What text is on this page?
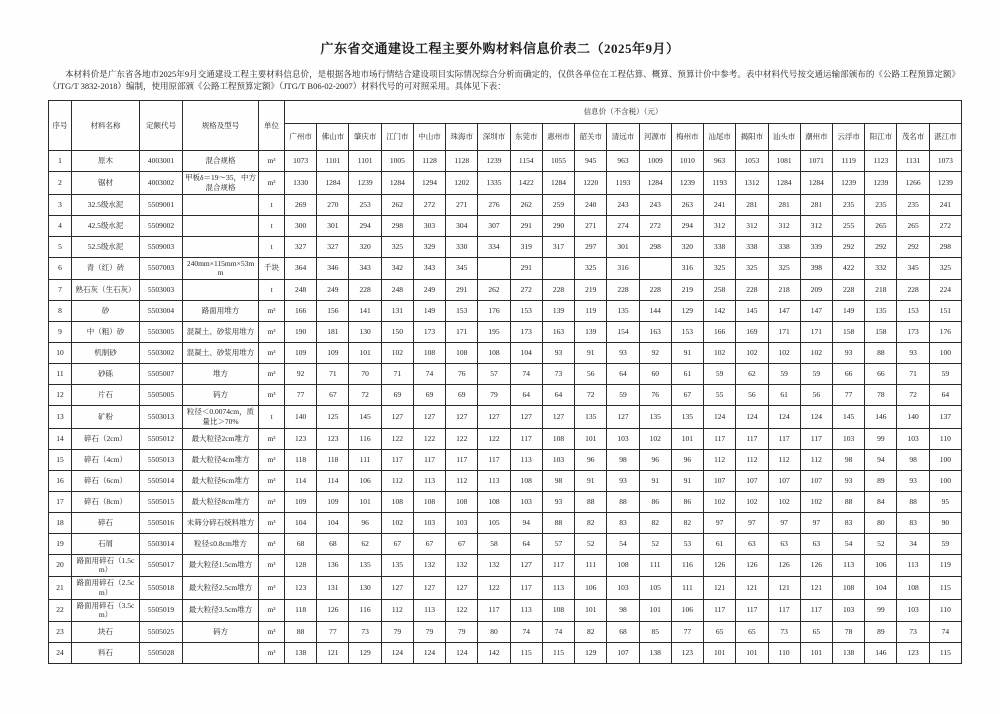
广东省交通建设工程主要外购材料信息价表二（2025年9月）

本材料价是广东省各地市2025年9月交通建设工程主要材料信息价，是根据各地市场行情结合建设项目实际情况综合分析而确定的，仅供各单位在工程估算、概算、预算计价中参考。表中材料代号按交通运输部颁布的《公路工程预算定额》（JTG/T 3832-2018）编制，使用原部颁《公路工程预算定额》（JTG/T B06-02-2007）材料代号的可对照采用。具体见下表：

序号	材料名称	定额代号	规格及型号	单位	信息价（不含税）（元）																				
					广州市	佛山市	肇庆市	江门市	中山市	珠海市	深圳市	东莞市	惠州市	韶关市	清远市	河源市	梅州市	汕尾市	揭阳市	汕头市	潮州市	云浮市	阳江市	茂名市	湛江市
1	原木	4003001	混合规格	m³	1073	1101	1101	1005	1128	1128	1239	1154	1055	945	963	1009	1010	963	1053	1081	1071	1119	1123	1131	1073
2	锯材	4003002	甲板δ＝19～35，中方混合规格	m³	1330	1284	1239	1284	1294	1202	1335	1422	1284	1220	1193	1284	1239	1193	1312	1284	1284	1239	1239	1266	1239
3	32.5级水泥	5509001		t	269	270	253	262	272	271	276	262	259	240	243	243	263	241	281	281	281	235	235	235	241
4	42.5级水泥	5509002		t	300	301	294	298	303	304	307	291	290	271	274	272	294	312	312	312	312	255	265	265	272
5	52.5级水泥	5509003		t	327	327	320	325	329	330	334	319	317	297	301	298	320	338	338	338	339	292	292	292	298
6	青（红）砖	5507003	240mm×115mm×53mm	千块	364	346	343	342	343	345		291		325	316		316	325	325	325	398	422	332	345	325
7	熟石灰（生石灰）	5503003		t	248	249	228	248	249	291	262	272	228	219	228	228	219	258	228	218	209	228	218	228	224
8	砂	5503004	路面用堆方	m³	166	156	141	131	149	153	176	153	139	119	135	144	129	142	145	147	147	149	135	153	151
9	中（粗）砂	5503005	混凝土、砂浆用堆方	m³	190	181	130	150	173	171	195	173	163	139	154	163	153	166	169	171	171	158	158	173	176
10	机制砂	5503002	混凝土、砂浆用堆方	m³	109	109	101	102	108	108	108	104	93	91	93	92	91	102	102	102	102	93	88	93	100
11	砂砾	5505007	堆方	m³	92	71	70	71	74	76	57	74	73	56	64	60	61	59	62	59	59	66	66	71	59
12	片石	5505005	码方	m³	77	67	72	69	69	69	79	64	64	72	59	76	67	55	56	61	56	77	78	72	64
13	矿粉	5503013	粒径＜0.0074cm，质量比＞70%	t	140	125	145	127	127	127	127	127	127	135	127	135	135	124	124	124	124	145	146	140	137
14	碎石（2cm）	5505012	最大粒径2cm堆方	m³	123	123	116	122	122	122	122	117	108	101	103	102	101	117	117	117	117	103	99	103	110
15	碎石（4cm）	5505013	最大粒径4cm堆方	m³	118	118	111	117	117	117	117	113	103	96	98	96	96	112	112	112	112	98	94	98	100
16	碎石（6cm）	5505014	最大粒径6cm堆方	m³	114	114	106	112	113	112	113	108	98	91	93	91	91	107	107	107	107	93	89	93	100
17	碎石（8cm）	5505015	最大粒径8cm堆方	m³	109	109	101	108	108	108	108	103	93	88	88	86	86	102	102	102	102	88	84	88	95
18	碎石	5505016	未筛分碎石统料堆方	m³	104	104	96	102	103	103	105	94	88	82	83	82	82	97	97	97	97	83	80	83	90
19	石屑	5503014	粒径≤0.8cm堆方	m³	68	68	62	67	67	67	58	64	57	52	54	52	53	61	63	63	63	54	52	34	59
20	路面用碎石（1.5cm）	5505017	最大粒径1.5cm堆方	m³	128	136	135	135	132	132	132	127	117	111	108	111	116	126	126	126	126	113	106	113	119
21	路面用碎石（2.5cm）	5505018	最大粒径2.5cm堆方	m³	123	131	130	127	127	127	122	117	113	106	103	105	111	121	121	121	121	108	104	108	115
22	路面用碎石（3.5cm）	5505019	最大粒径3.5cm堆方	m³	118	126	116	112	113	122	117	113	108	101	98	101	106	117	117	117	117	103	99	103	110
23	块石	5505025	码方	m³	88	77	73	79	79	79	80	74	74	82	68	85	77	65	65	73	65	78	89	73	74
24	料石	5505028		m³	138	121	129	124	124	124	142	115	115	129	107	138	123	101	101	110	101	138	146	123	115
